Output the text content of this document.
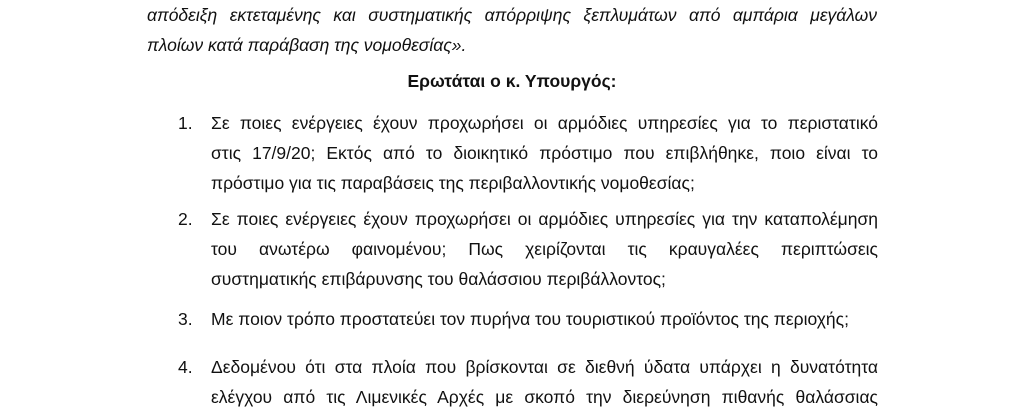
απόδειξη εκτεταμένης και συστηματικής απόρριψης ξεπλυμάτων από αμπάρια μεγάλων
πλοίων κατά παράβαση της νομοθεσίας».
Ερωτάται ο κ. Υπουργός:
1.	Σε ποιες ενέργειες έχουν προχωρήσει οι αρμόδιες υπηρεσίες για το περιστατικό
στις 17/9/20; Εκτός από το διοικητικό πρόστιμο που επιβλήθηκε, ποιο είναι το
πρόστιμο για τις παραβάσεις της περιβαλλοντικής νομοθεσίας;
2.	Σε ποιες ενέργειες έχουν προχωρήσει οι αρμόδιες υπηρεσίες για την καταπολέμηση
του ανωτέρω φαινομένου; Πως χειρίζονται τις κραυγαλέες περιπτώσεις
συστηματικής επιβάρυνσης του θαλάσσιου περιβάλλοντος;
3.	Με ποιον τρόπο προστατεύει τον πυρήνα του τουριστικού προϊόντος της περιοχής;
4.	Δεδομένου ότι στα πλοία που βρίσκονται σε διεθνή ύδατα υπάρχει η δυνατότητα
ελέγχου από τις Λιμενικές Αρχές με σκοπό την διερεύνηση πιθανής θαλάσσιας
